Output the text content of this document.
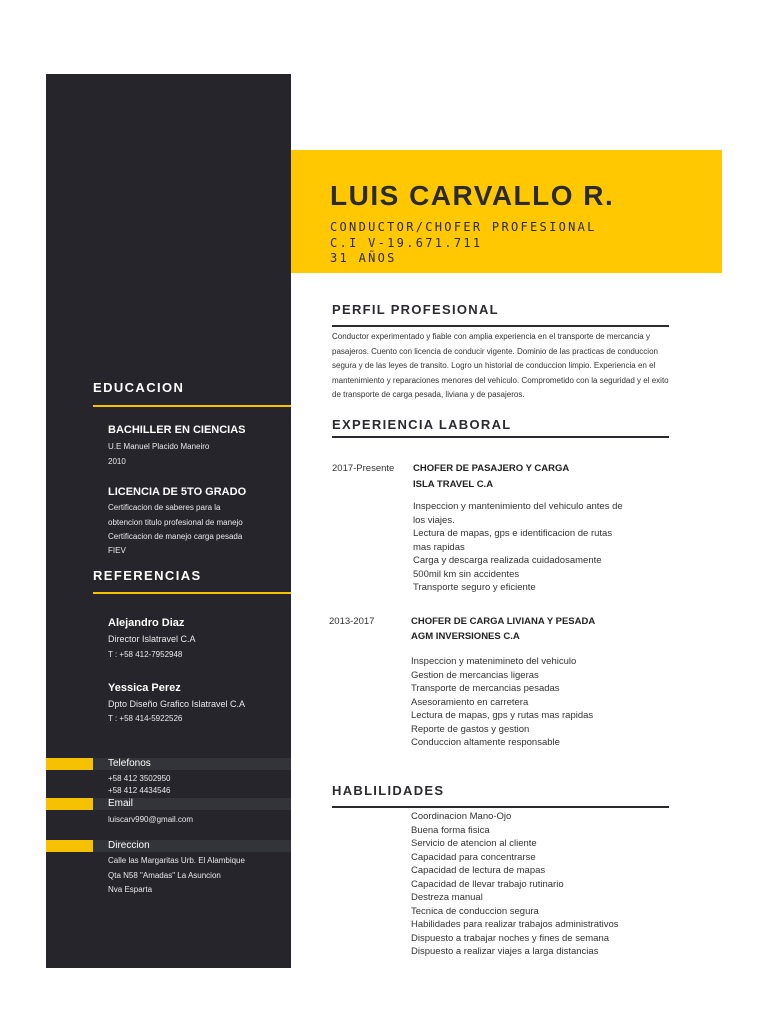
LUIS CARVALLO R.

CONDUCTOR/CHOFER PROFESIONAL

C.I V-19.671.711

31 AÑOS

EDUCACION

BACHILLER EN CIENCIAS

U.E Manuel Placido Maneiro

2010

LICENCIA DE 5TO GRADO

Certificacion de saberes para la

obtencion titulo profesional de manejo

Certificacion de manejo carga pesada

FIEV

REFERENCIAS

Alejandro Diaz

Director Islatravel C.A

T : +58 412-7952948

Yessica Perez

Dpto Diseño Grafico Islatravel C.A

T : +58 414-5922526

Telefonos

+58 412 3502950

+58 412 4434546

Email

luiscarv990@gmail.com

Direccion

Calle las Margaritas Urb. El Alambique

Qta N58 "Amadas" La Asuncion

Nva Esparta

PERFIL PROFESIONAL

Conductor experimentado y fiable con amplia experiencia en el transporte de mercancia y pasajeros. Cuento con licencia de conducir vigente. Dominio de las practicas de conduccion segura y de las leyes de transito. Logro un historial de conduccion limpio. Experiencia en el mantenimiento y reparaciones menores del vehiculo. Comprometido con la seguridad y el exito de transporte de carga pesada, liviana y de pasajeros.

EXPERIENCIA LABORAL

2017-Presente CHOFER DE PASAJERO Y CARGA

ISLA TRAVEL C.A

Inspeccion y mantenimiento del vehiculo antes de
los viajes.
Lectura de mapas, gps e identificacion de rutas
mas rapidas
Carga y descarga realizada cuidadosamente
500mil km sin accidentes
Transporte seguro y eficiente

2013-2017	CHOFER DE CARGA LIVIANA Y PESADA

AGM INVERSIONES C.A

Inspeccion y matenimineto del vehiculo
Gestion de mercancias ligeras
Transporte de mercancias pesadas
Asesoramiento en carretera
Lectura de mapas, gps y rutas mas rapidas
Reporte de gastos y gestion
Conduccion altamente responsable
HABLILIDADES
Coordinacion Mano-Ojo
Buena forma fisica
Servicio de atencion al cliente
Capacidad para concentrarse
Capacidad de lectura de mapas
Capacidad de llevar trabajo rutinario
Destreza manual
Tecnica de conduccion segura
Habilidades para realizar trabajos administrativos
Dispuesto a trabajar noches y fines de semana
Dispuesto a realizar viajes a larga distancias
